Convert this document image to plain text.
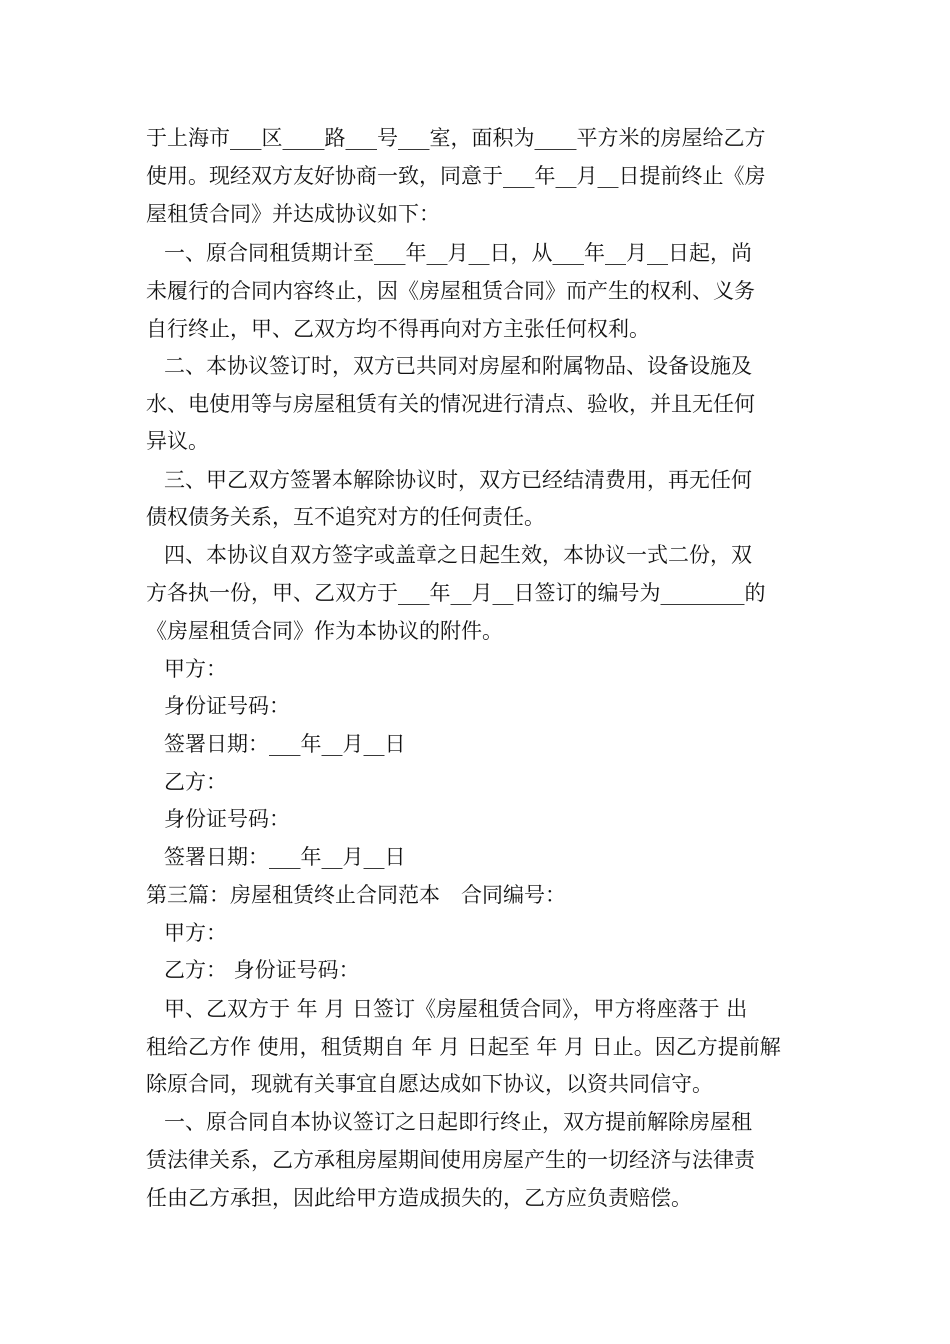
于上海市___区____路___号___室，面积为____平方米的房屋给乙方
使用。现经双方友好协商一致，同意于___年__月__日提前终止《房
屋租赁合同》并达成协议如下：
一、原合同租赁期计至___年__月__日，从___年__月__日起，尚
未履行的合同内容终止，因《房屋租赁合同》而产生的权利、义务
自行终止，甲、乙双方均不得再向对方主张任何权利。
二、本协议签订时，双方已共同对房屋和附属物品、设备设施及
水、电使用等与房屋租赁有关的情况进行清点、验收，并且无任何
异议。
三、甲乙双方签署本解除协议时，双方已经结清费用，再无任何
债权债务关系，互不追究对方的任何责任。
四、本协议自双方签字或盖章之日起生效，本协议一式二份，双
方各执一份，甲、乙双方于___年__月__日签订的编号为________的
《房屋租赁合同》作为本协议的附件。
甲方：
身份证号码：
签署日期：___年__月__日
乙方：
身份证号码：
签署日期：___年__月__日
第三篇：房屋租赁终止合同范本　合同编号：
甲方：
乙方： 身份证号码：
甲、乙双方于 年 月 日签订《房屋租赁合同》，甲方将座落于 出
租给乙方作 使用，租赁期自 年 月 日起至 年 月 日止。因乙方提前解
除原合同，现就有关事宜自愿达成如下协议，以资共同信守。
一、原合同自本协议签订之日起即行终止，双方提前解除房屋租
赁法律关系，乙方承租房屋期间使用房屋产生的一切经济与法律责
任由乙方承担，因此给甲方造成损失的，乙方应负责赔偿。
